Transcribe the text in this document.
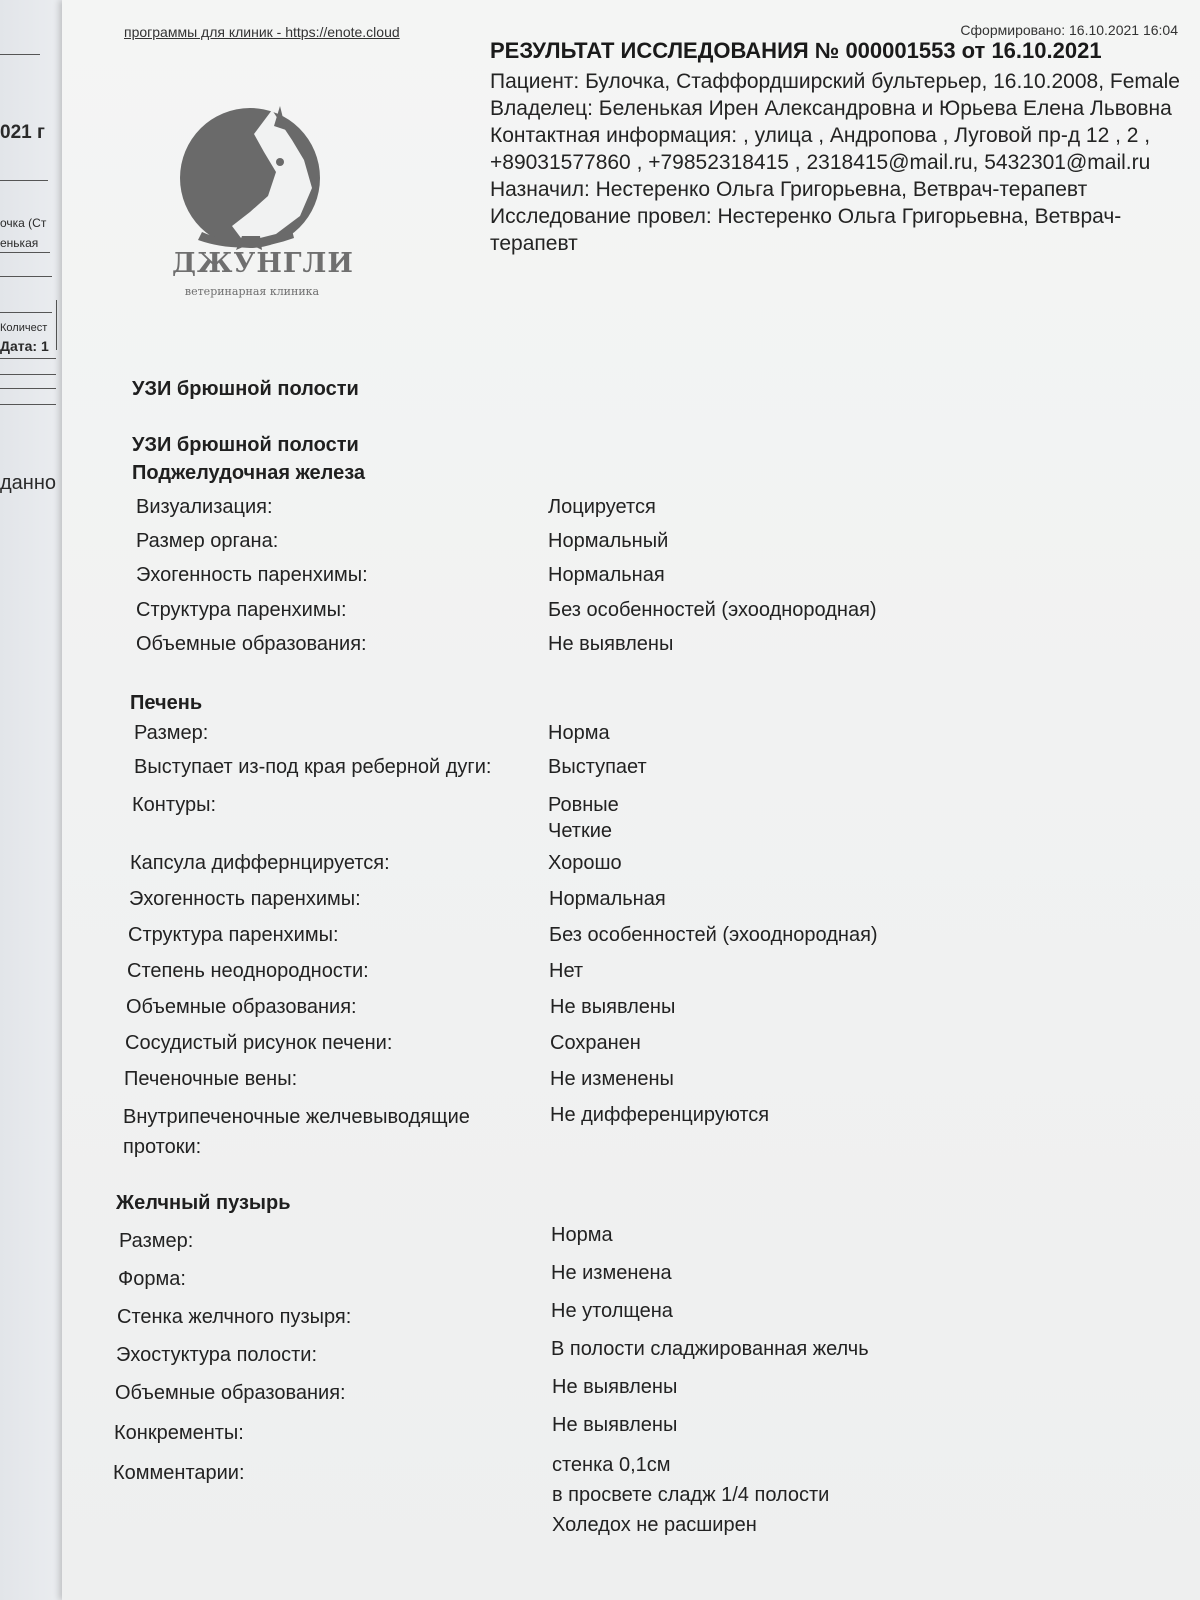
021 г
очка (Ст
енькая
Количест
Дата: 1
данно
программы для клиник - https://enote.cloud	Сформировано: 16.10.2021 16:04
ДЖУНГЛИ
ветеринарная клиника
РЕЗУЛЬТАТ ИССЛЕДОВАНИЯ № 000001553 от 16.10.2021
Пациент: Булочка, Стаффордширский бультерьер, 16.10.2008, Female
Владелец: Беленькая Ирен Александровна и Юрьева Елена Львовна
Контактная информация: , улица , Андропова , Луговой пр-д 12 , 2 , +89031577860 , +79852318415 , 2318415@mail.ru, 5432301@mail.ru
Назначил: Нестеренко Ольга Григорьевна, Ветврач-терапевт
Исследование провел: Нестеренко Ольга Григорьевна, Ветврач-терапевт
УЗИ брюшной полости
УЗИ брюшной полости
Поджелудочная железа
Визуализация:	Лоцируется
Размер органа:	Нормальный
Эхогенность паренхимы:	Нормальная
Структура паренхимы:	Без особенностей (эхооднородная)
Объемные образования:	Не выявлены
Печень
Размер:	Норма
Выступает из-под края реберной дуги:	Выступает
Контуры:	Ровные
Четкие
Капсула диффернцируется:	Хорошо
Эхогенность паренхимы:	Нормальная
Структура паренхимы:	Без особенностей (эхооднородная)
Степень неоднородности:	Нет
Объемные образования:	Не выявлены
Сосудистый рисунок печени:	Сохранен
Печеночные вены:	Не изменены
Внутрипеченочные желчевыводящие протоки:
Не дифференцируются
Желчный пузырь
Размер:	Норма
Форма:	Не изменена
Стенка желчного пузыря:	Не утолщена
Эхостуктура полости:	В полости сладжированная желчь
Объемные образования:	Не выявлены
Конкременты:	Не выявлены
Комментарии:	стенка 0,1см
в просвете сладж 1/4 полости
Холедох не расширен
